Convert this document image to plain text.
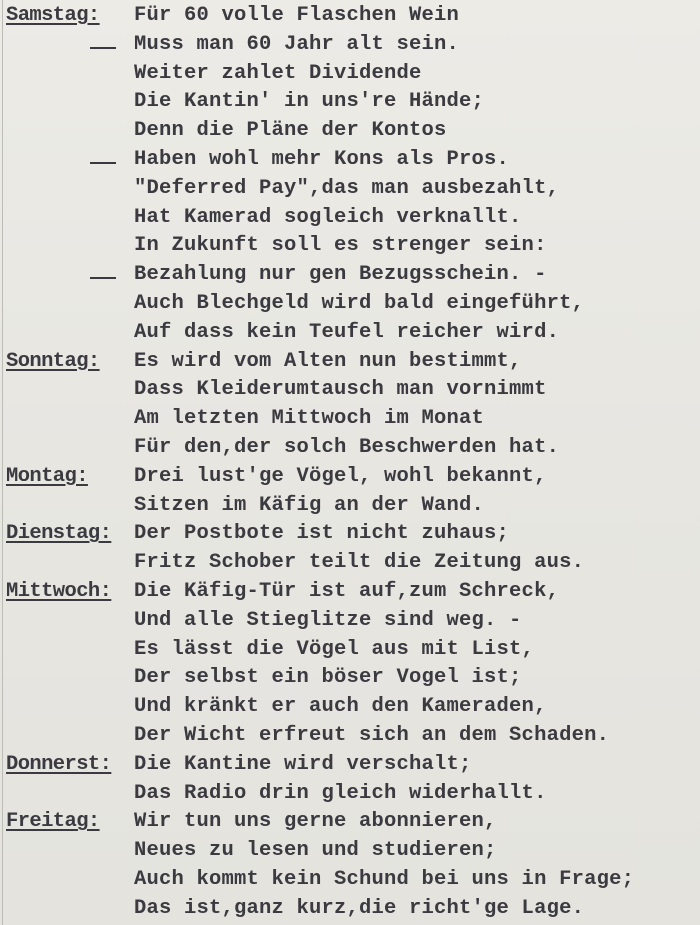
Samstag: Für 60 volle Flaschen Wein
Muss man 60 Jahr alt sein.
Weiter zahlet Dividende
Die Kantin' in uns're Hände;
Denn die Pläne der Kontos
Haben wohl mehr Kons als Pros.
"Deferred Pay",das man ausbezahlt,
Hat Kamerad sogleich verknallt.
In Zukunft soll es strenger sein:
Bezahlung nur gen Bezugsschein. -
Auch Blechgeld wird bald eingeführt,
Auf dass kein Teufel reicher wird.
Sonntag: Es wird vom Alten nun bestimmt,
Dass Kleiderumtausch man vornimmt
Am letzten Mittwoch im Monat
Für den,der solch Beschwerden hat.
Montag: Drei lust'ge Vögel, wohl bekannt,
Sitzen im Käfig an der Wand.
Dienstag: Der Postbote ist nicht zuhaus;
Fritz Schober teilt die Zeitung aus.
Mittwoch: Die Käfig-Tür ist auf,zum Schreck,
Und alle Stieglitze sind weg. -
Es lässt die Vögel aus mit List,
Der selbst ein böser Vogel ist;
Und kränkt er auch den Kameraden,
Der Wicht erfreut sich an dem Schaden.
Donnerst: Die Kantine wird verschalt;
Das Radio drin gleich widerhallt.
Freitag: Wir tun uns gerne abonnieren,
Neues zu lesen und studieren;
Auch kommt kein Schund bei uns in Frage;
Das ist,ganz kurz,die richt'ge Lage.
